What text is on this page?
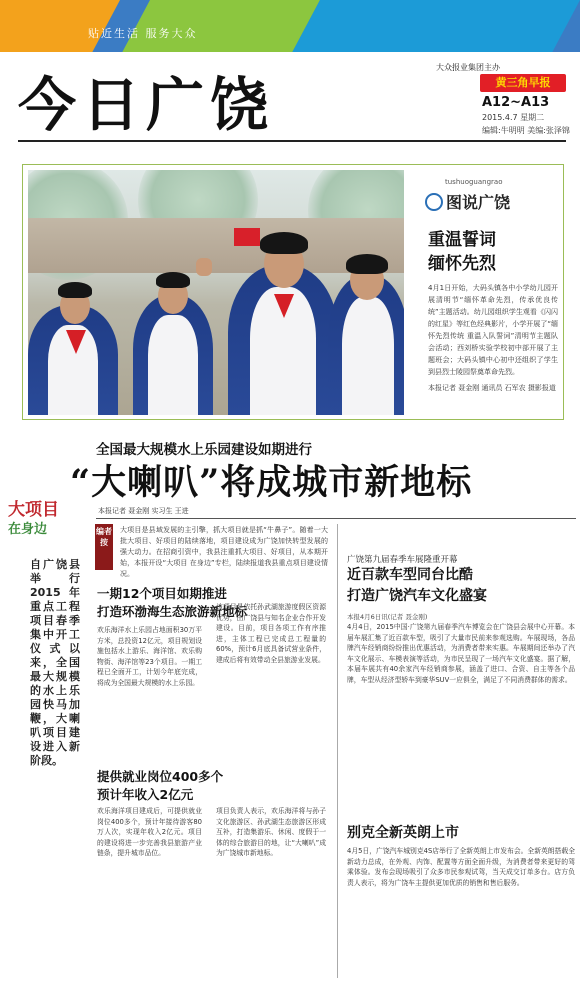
贴近生活 服务大众
今日广饶
大众报业集团主办
黄三角早报
A12~A13
2015.4.7 星期二
编辑:牛明明 美编:张泽锦
tushuoguangrao
图说广饶
重温誓词
缅怀先烈
4月1日开始，大码头镇各中小学幼儿园开展清明节“缅怀革命先烈，传承优良传统”主题活动。幼儿园组织学生观看《闪闪的红星》等红色经典影片，小学开展了“缅怀先烈传统 重温入队誓词”清明节主题队会活动；西刘桥实验学校初中部开展了主题班会；大码头镇中心初中还组织了学生到县烈士陵园祭奠革命先烈。
本报记者 聂金刚 通讯员 石军农 摄影报道
全国最大规模水上乐园建设如期进行
“大喇叭”将成城市新地标
本报记者 聂金刚 实习生 王进
大项目
在身边

自广饶县举行2015年重点工程项目春季集中开工仪式以来，全国最大规模的水上乐园快马加鞭，大喇叭项目建设进入新阶段。

编者按
大项目是县域发展的主引擎，抓大项目就是抓“牛鼻子”。随着一大批大项目、好项目的陆续落地，项目建设成为广饶加快转型发展的强大动力。在招商引资中，我县注重抓大项目、好项目，从本期开始，本报开设“大项目 在身边”专栏，陆续报道我县重点项目建设情况。
一期12个项目如期推进
打造环渤海生态旅游新地标
欢乐海洋水上乐园占地面积30万平方米，总投资12亿元，项目规划设施包括水上游乐、海洋馆、欢乐购物街、海洋馆等23个项目。一期工程已全面开工，计划今年底完成，将成为全国最大规模的水上乐园。
该项目是依托孙武湖旅游度假区资源优势，由广饶县与知名企业合作开发建设。目前，项目各项工作有序推进，主体工程已完成总工程量的60%，预计6月底具备试营业条件，建成后将有效带动全县旅游业发展。
提供就业岗位400多个
预计年收入2亿元
欢乐海洋项目建成后，可提供就业岗位400多个，预计年接待游客80万人次，实现年收入2亿元。项目的建设将进一步完善我县旅游产业链条，提升城市品位。
项目负责人表示，欢乐海洋将与孙子文化旅游区、孙武湖生态旅游区形成互补，打造集游乐、休闲、度假于一体的综合旅游目的地，让“大喇叭”成为广饶城市新地标。
广饶第九届春季车展隆重开幕
近百款车型同台比酷
打造广饶汽车文化盛宴
本报4月6日讯(记者 聂金刚)
4月4日，2015中国·广饶第九届春季汽车博览会在广饶县会展中心开幕。本届车展汇集了近百款车型，吸引了大量市民前来参观选购。车展现场，各品牌汽车经销商纷纷推出优惠活动，为消费者带来实惠。车展期间还举办了汽车文化展示、车模表演等活动，为市民呈现了一场汽车文化盛宴。据了解，本届车展共有40余家汽车经销商参展，涵盖了进口、合资、自主等各个品牌，车型从经济型轿车到豪华SUV一应俱全，满足了不同消费群体的需求。
别克全新英朗上市
4月5日，广饶汽车城别克4S店举行了全新英朗上市发布会。全新英朗搭载全新动力总成，在外观、内饰、配置等方面全面升级，为消费者带来更好的驾乘体验。发布会现场吸引了众多市民参观试驾，当天成交订单多台。店方负责人表示，将为广饶车主提供更加优质的销售和售后服务。
